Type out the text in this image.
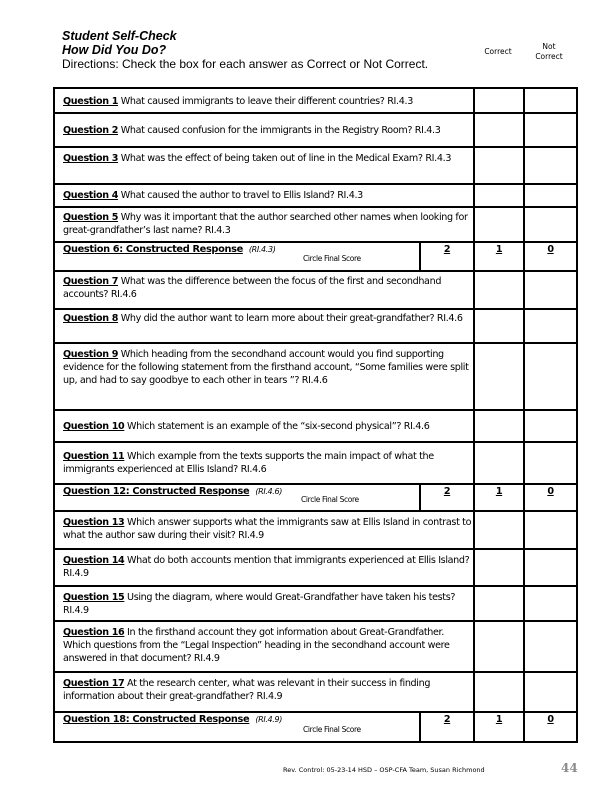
Student Self-Check
How Did You Do?
Directions: Check the box for each answer as Correct or Not Correct.
Correct
Not
Correct
Question 1 What caused immigrants to leave their different countries? RI.4.3			
Question 2 What caused confusion for the immigrants in the Registry Room? RI.4.3			
Question 3 What was the effect of being taken out of line in the Medical Exam? RI.4.3			
Question 4 What caused the author to travel to Ellis Island? RI.4.3			
Question 5 Why was it important that the author searched other names when looking for great-grandfather’s last name? RI.4.3			
Question 6: Constructed Response (RI.4.3)
Circle Final Score	2	1	0
Question 7 What was the difference between the focus of the first and secondhand accounts? RI.4.6			
Question 8 Why did the author want to learn more about their great-grandfather? RI.4.6			
Question 9 Which heading from the secondhand account would you find supporting evidence for the following statement from the firsthand account, “Some families were split up, and had to say goodbye to each other in tears ”? RI.4.6			
Question 10 Which statement is an example of the “six-second physical”? RI.4.6			
Question 11 Which example from the texts supports the main impact of what the immigrants experienced at Ellis Island? RI.4.6			
Question 12: Constructed Response (RI.4.6)
Circle Final Score	2	1	0
Question 13 Which answer supports what the immigrants saw at Ellis Island in contrast to what the author saw during their visit? RI.4.9			
Question 14 What do both accounts mention that immigrants experienced at Ellis Island? RI.4.9			
Question 15 Using the diagram, where would Great-Grandfather have taken his tests? RI.4.9			
Question 16 In the firsthand account they got information about Great-Grandfather. Which questions from the “Legal Inspection” heading in the secondhand account were answered in that document? RI.4.9			
Question 17 At the research center, what was relevant in their success in finding information about their great-grandfather? RI.4.9			
Question 18: Constructed Response (RI.4.9)
Circle Final Score	2	1	0
Rev. Control: 05-23-14 HSD – OSP-CFA Team, Susan Richmond	44
